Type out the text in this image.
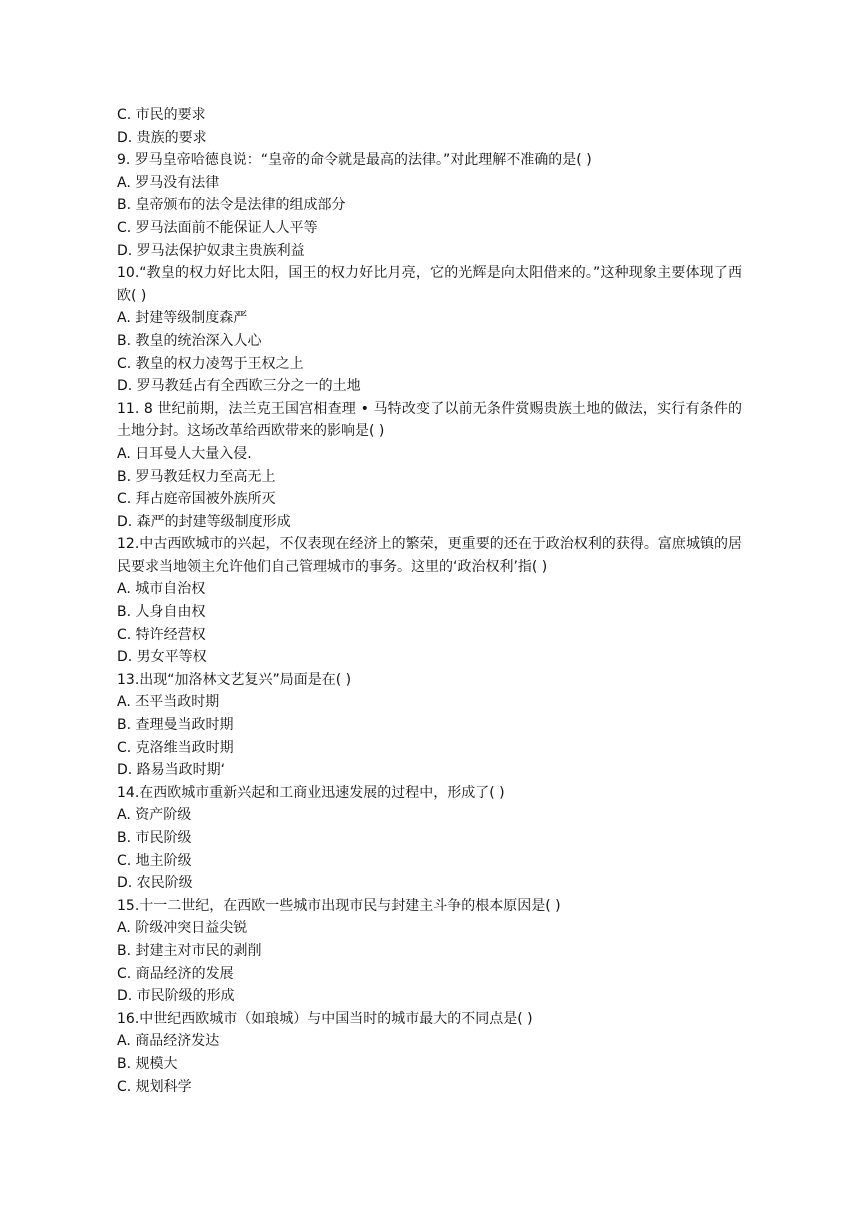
C. 市民的要求
D. 贵族的要求
9. 罗马皇帝哈德良说：“皇帝的命令就是最高的法律。”对此理解不准确的是( )
A. 罗马没有法律
B. 皇帝颁布的法令是法律的组成部分
C. 罗马法面前不能保证人人平等
D. 罗马法保护奴隶主贵族利益
10.“教皇的权力好比太阳，国王的权力好比月亮，它的光辉是向太阳借来的。”这种现象主要体现了西欧( )
A. 封建等级制度森严
B. 教皇的统治深入人心
C. 教皇的权力凌驾于王权之上
D. 罗马教廷占有全西欧三分之一的土地
11. 8 世纪前期，法兰克王国宫相查理 • 马特改变了以前无条件赏赐贵族土地的做法，实行有条件的土地分封。这场改革给西欧带来的影响是( )
A. 日耳曼人大量入侵.
B. 罗马教廷权力至高无上
C. 拜占庭帝国被外族所灭
D. 森严的封建等级制度形成
12.中古西欧城市的兴起，不仅表现在经济上的繁荣，更重要的还在于政治权利的获得。富庶城镇的居民要求当地领主允许他们自己管理城市的事务。这里的‘政治权利’指( )
A. 城市自治权
B. 人身自由权
C. 特许经营权
D. 男女平等权
13.出现“加洛林文艺复兴”局面是在( )
A. 丕平当政时期
B. 查理曼当政时期
C. 克洛维当政时期
D. 路易当政时期‘
14.在西欧城市重新兴起和工商业迅速发展的过程中，形成了( )
A. 资产阶级
B. 市民阶级
C. 地主阶级
D. 农民阶级
15.十一二世纪，在西欧一些城市出现市民与封建主斗争的根本原因是( )
A. 阶级冲突日益尖锐
B. 封建主对市民的剥削
C. 商品经济的发展
D. 市民阶级的形成
16.中世纪西欧城市（如琅城）与中国当时的城市最大的不同点是( )
A. 商品经济发达
B. 规模大
C. 规划科学
